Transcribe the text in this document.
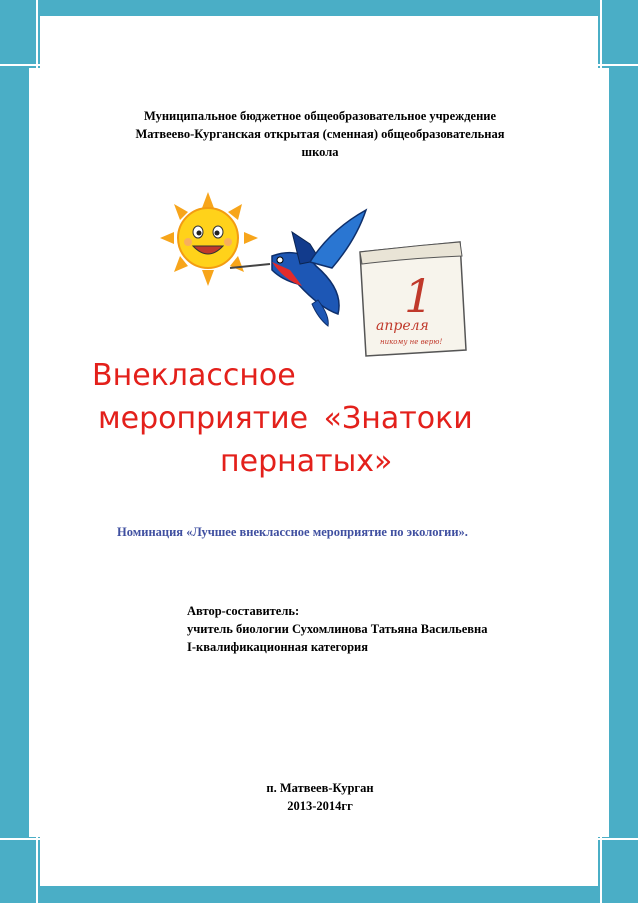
Муниципальное бюджетное общеобразовательное учреждение
Матвеево-Курганская открытая (сменная) общеобразовательная
школа
1
апреля
никому не верю!
Внеклассное
мероприятие «Знатоки
пернатых»
Номинация «Лучшее внеклассное мероприятие по экологии».
Автор-составитель:
учитель биологии Сухомлинова Татьяна Васильевна
I-квалификационная категория
п. Матвеев-Курган
2013-2014гг
